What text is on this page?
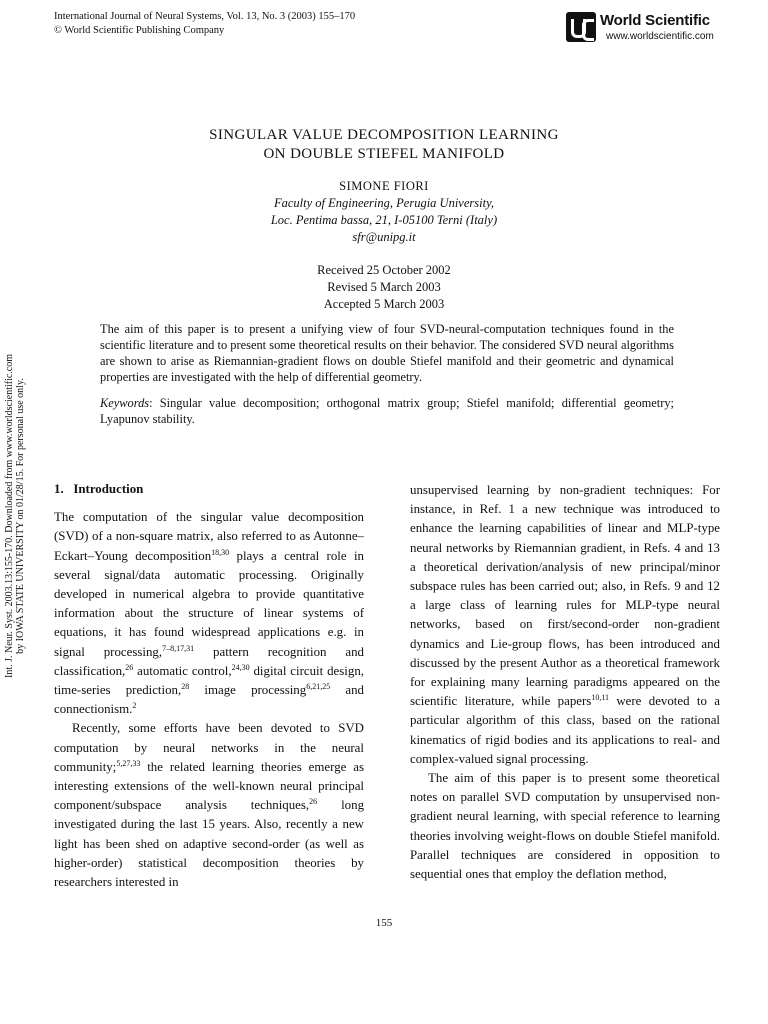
International Journal of Neural Systems, Vol. 13, No. 3 (2003) 155–170
© World Scientific Publishing Company
World Scientific
www.worldscientific.com
SINGULAR VALUE DECOMPOSITION LEARNING
ON DOUBLE STIEFEL MANIFOLD
SIMONE FIORI
Faculty of Engineering, Perugia University,
Loc. Pentima bassa, 21, I-05100 Terni (Italy)
sfr@unipg.it
Received 25 October 2002
Revised 5 March 2003
Accepted 5 March 2003
The aim of this paper is to present a unifying view of four SVD-neural-computation techniques found in the scientific literature and to present some theoretical results on their behavior. The considered SVD neural algorithms are shown to arise as Riemannian-gradient flows on double Stiefel manifold and their geometric and dynamical properties are investigated with the help of differential geometry.
Keywords: Singular value decomposition; orthogonal matrix group; Stiefel manifold; differential geometry; Lyapunov stability.
Int. J. Neur. Syst. 2003.13:155-170. Downloaded from www.worldscientific.com by IOWA STATE UNIVERSITY on 01/28/15. For personal use only. 1. Introduction

The computation of the singular value decomposition (SVD) of a non-square matrix, also referred to as Autonne–Eckart–Young decomposition$^{18,30}$ plays a central role in several signal/data automatic processing. Originally developed in numerical algebra to provide quantitative information about the structure of linear systems of equations, it has found widespread applications e.g. in signal processing,$^{7-8,17,31}$ pattern recognition and classification,$^{26}$ automatic control,$^{24,30}$ digital circuit design, time-series prediction,$^{28}$ image processing$^{6,21,25}$ and connectionism.$^2$

Recently, some efforts have been devoted to SVD computation by neural networks in the neural community;$^{5,27,33}$ the related learning theories emerge as interesting extensions of the well-known neural principal component/subspace analysis techniques,$^{26}$ long investigated during the last 15 years. Also, recently a new light has been shed on adaptive second-order (as well as higher-order) statistical decomposition theories by researchers interested in

unsupervised learning by non-gradient techniques: For instance, in Ref. 1 a new technique was introduced to enhance the learning capabilities of linear and MLP-type neural networks by Riemannian gradient, in Refs. 4 and 13 a theoretical derivation/analysis of new principal/minor subspace rules has been carried out; also, in Refs. 9 and 12 a large class of learning rules for MLP-type neural networks, based on first/second-order non-gradient dynamics and Lie-group flows, has been introduced and discussed by the present Author as a theoretical framework for explaining many learning paradigms appeared on the scientific literature, while papers$^{10,11}$ were devoted to a particular algorithm of this class, based on the rational kinematics of rigid bodies and its applications to real- and complex-valued signal processing.

The aim of this paper is to present some theoretical notes on parallel SVD computation by unsupervised non-gradient neural learning, with special reference to learning theories involving weight-flows on double Stiefel manifold. Parallel techniques are considered in opposition to sequential ones that employ the deflation method,

155
